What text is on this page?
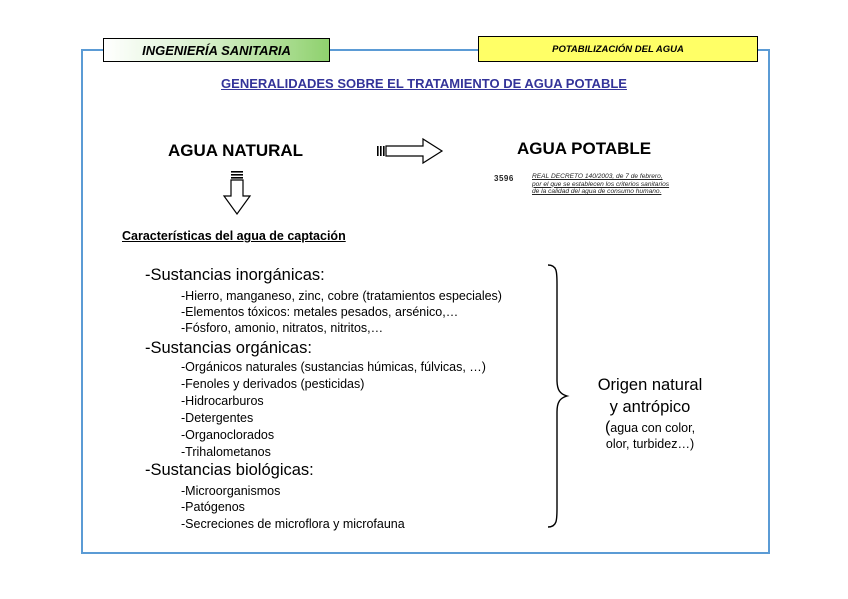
INGENIERÍA SANITARIA	POTABILIZACIÓN DEL AGUA
GENERALIDADES SOBRE EL TRATAMIENTO DE AGUA POTABLE
AGUA NATURAL	AGUA POTABLE
3596	REAL DECRETO 140/2003, de 7 de febrero,
por el que se establecen los criterios sanitarios
de la calidad del agua de consumo humano.
Características del agua de captación
-Sustancias inorgánicas:
-Hierro, manganeso, zinc, cobre (tratamientos especiales)
-Elementos tóxicos: metales pesados, arsénico,…
-Fósforo, amonio, nitratos, nitritos,…
-Sustancias orgánicas:
-Orgánicos naturales (sustancias húmicas, fúlvicas, …)
-Fenoles y derivados (pesticidas)
-Hidrocarburos
-Detergentes
-Organoclorados
-Trihalometanos
-Sustancias biológicas:
-Microorganismos
-Patógenos
-Secreciones de microflora y microfauna
Origen natural
y antrópico
(agua con color,
olor, turbidez…)
